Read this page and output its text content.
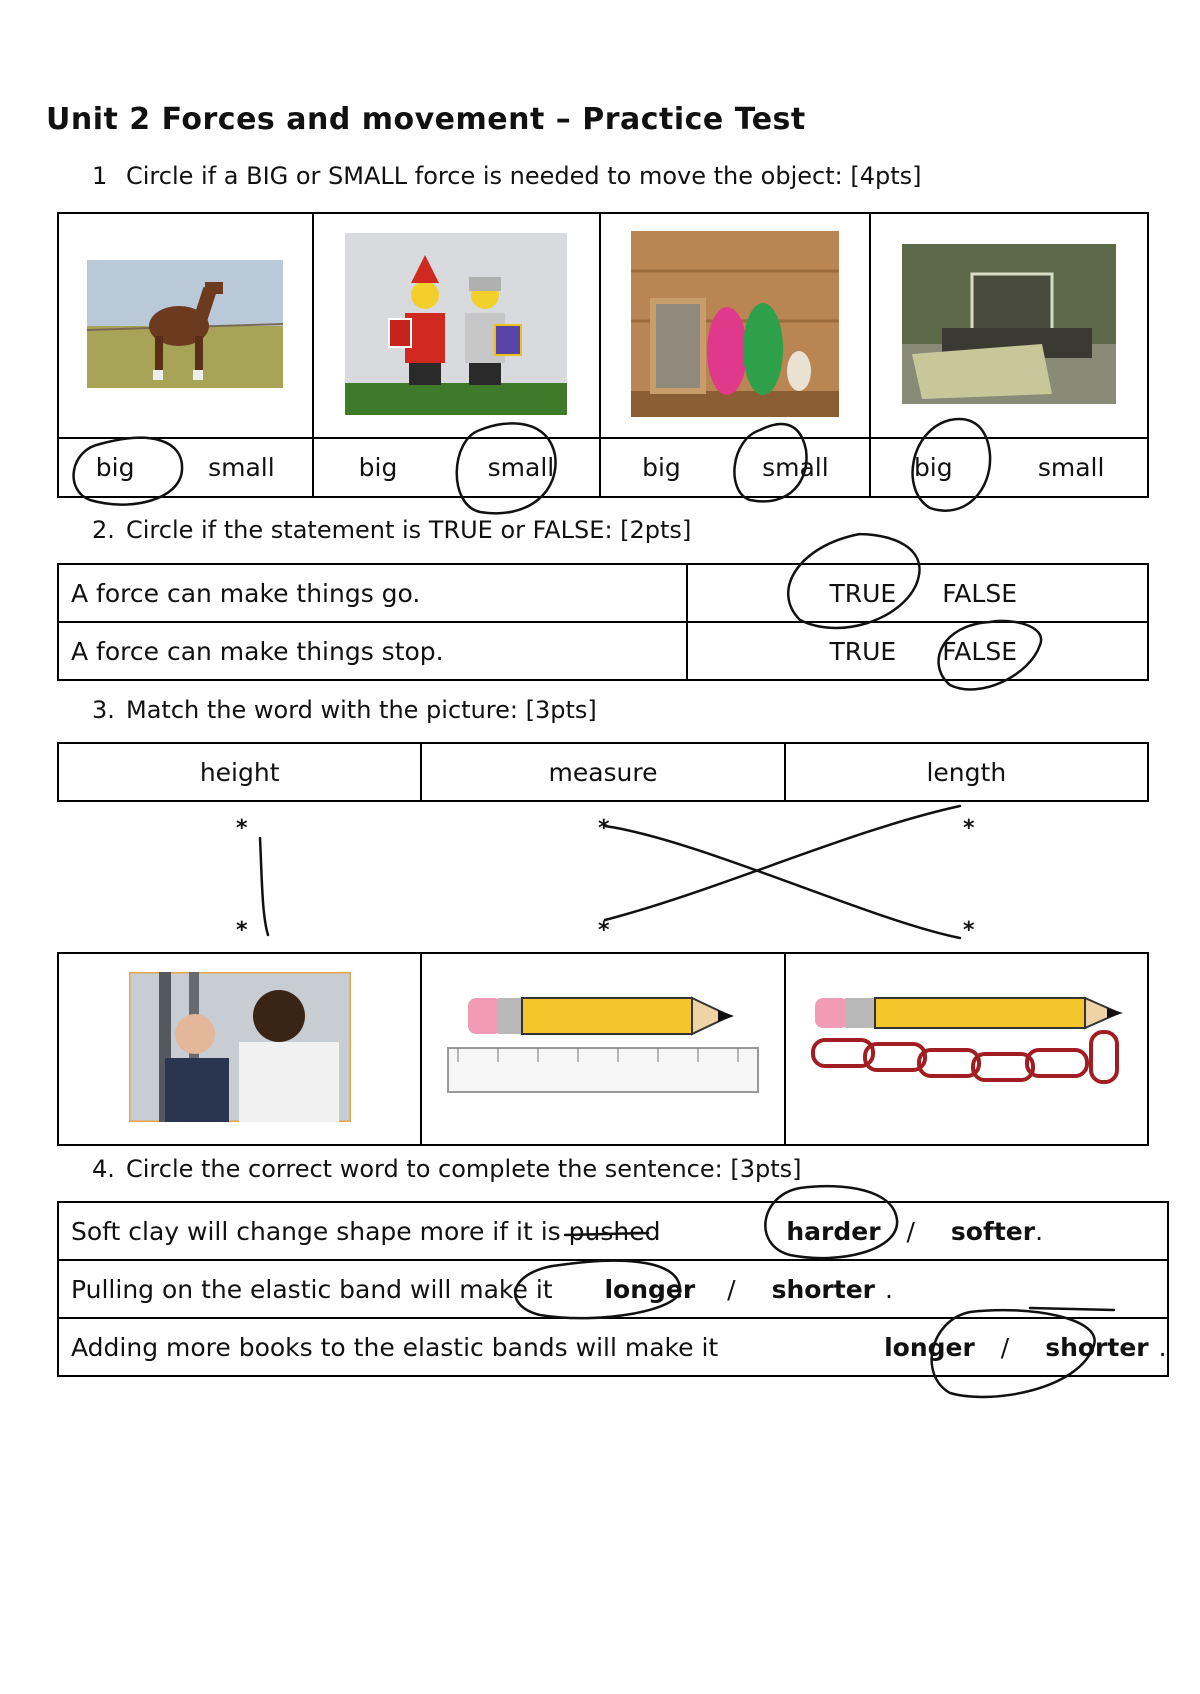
Unit 2 Forces and movement – Practice Test
1 Circle if a BIG or SMALL force is needed to move the object: [4pts]

big small	big small	big small	big small
2. Circle if the statement is TRUE or FALSE: [2pts]
A force can make things go.	TRUE FALSE

A force can make things stop.	TRUE FALSE
3. Match the word with the picture: [3pts]
height	measure	length
*	*	*
*	*	*

4. Circle the correct word to complete the sentence: [3pts]
Soft clay will change shape more if it is pushed	harder / softer.
Pulling on the elastic band will make it longer / shorter .
Adding more books to the elastic bands will make it	longer / shorter .
